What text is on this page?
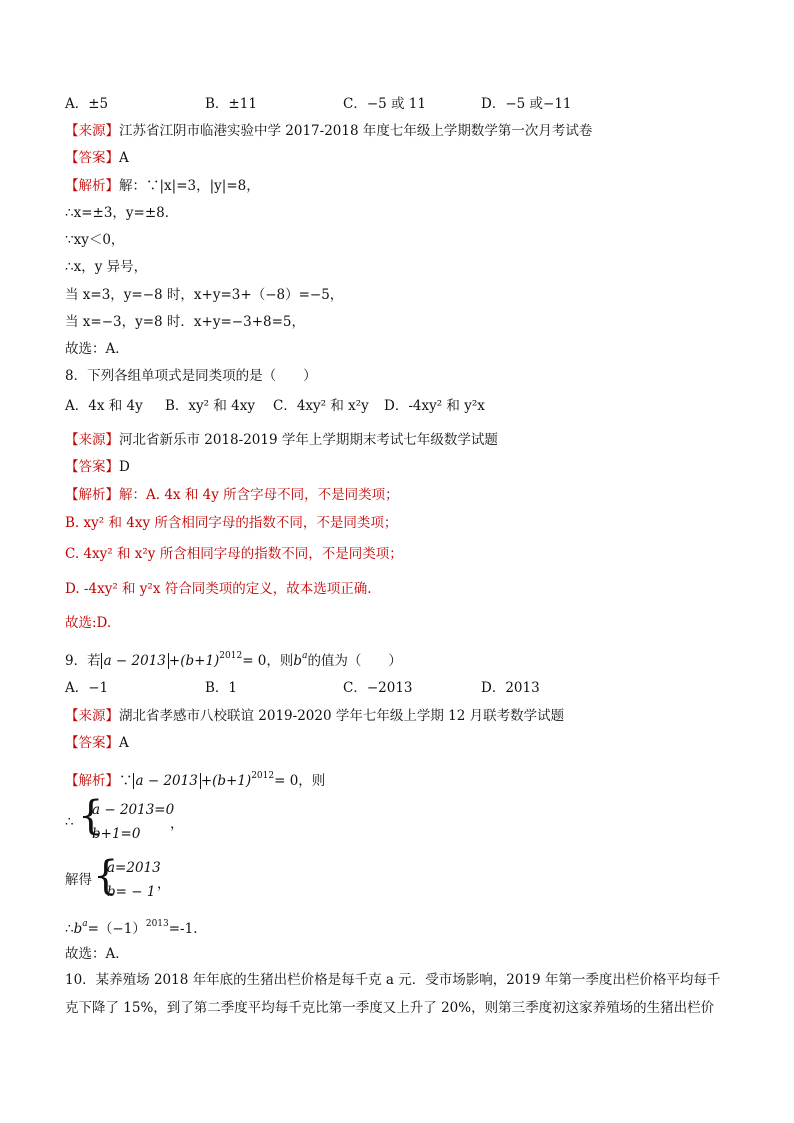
A．±5	B．±11	C．−5 或 11	D．−5 或−11
【来源】江苏省江阴市临港实验中学 2017-2018 年度七年级上学期数学第一次月考试卷
【答案】A
【解析】解：∵|x|=3，|y|=8，
∴x=±3，y=±8．
∵xy＜0，
∴x，y 异号，
当 x=3，y=−8 时，x+y=3+（−8）=−5，
当 x=−3，y=8 时．x+y=−3+8=5，
故选：A．
8．下列各组单项式是同类项的是（　　）
A．4x 和 4y B．xy² 和 4xy C．4xy² 和 x²y D．-4xy² 和 y²x
【来源】河北省新乐市 2018-2019 学年上学期期末考试七年级数学试题
【答案】D
【解析】解：A. 4x 和 4y 所含字母不同，不是同类项；
B. xy² 和 4xy 所含相同字母的指数不同，不是同类项；
C. 4xy² 和 x²y 所含相同字母的指数不同，不是同类项；
D. -4xy² 和 y²x 符合同类项的定义，故本选项正确.
故选:D.
9．若 $a - 2013 +(b+1)^{2012}= 0$，则$b^a$的值为（　　）
A．−1	B．1	C．−2013	D．2013
【来源】湖北省孝感市八校联谊 2019-2020 学年七年级上学期 12 月联考数学试题
【答案】A
【解析】∵ $a - 2013 +(b+1)^{2012}= 0$，则
∴ {
a − 2013=0
b+1=0
，
解得 {
a=2013
b= − 1 ，
$\therefore b^a=(-1)^{2013}=-1$.
故选：A．
10．某养殖场 2018 年年底的生猪出栏价格是每千克 a 元．受市场影响，2019 年第一季度出栏价格平均每千
克下降了 15%，到了第二季度平均每千克比第一季度又上升了 20%，则第三季度初这家养殖场的生猪出栏价
